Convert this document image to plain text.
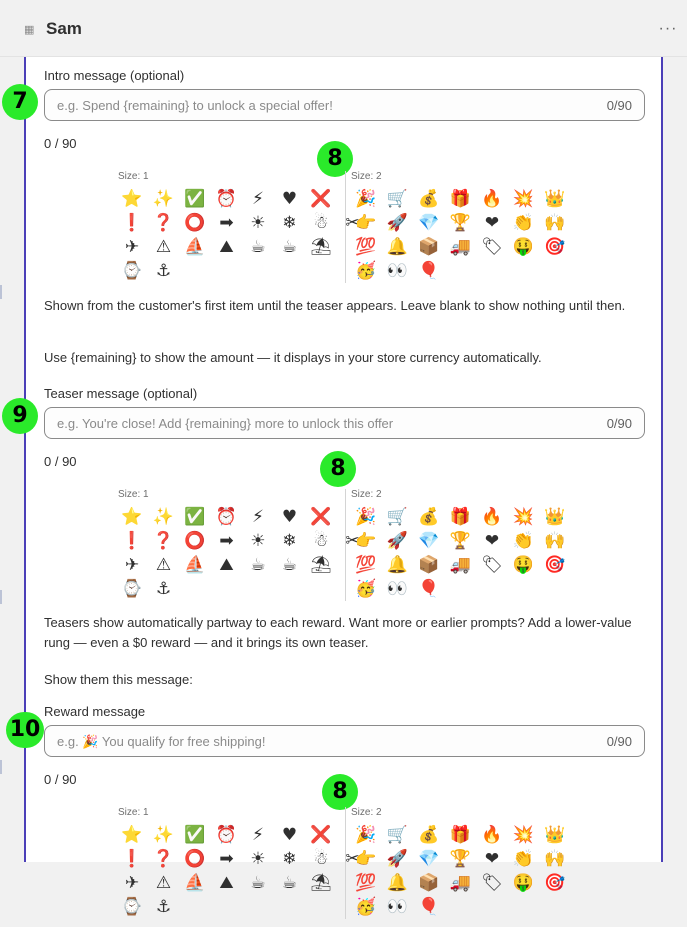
▦ Sam	···
Intro message (optional)
7	e.g. Spend {remaining} to unlock a special offer!	0/90
0 / 90
8
Size: 1	Size: 2
⭐ ✨ ✅ ⏰ ⚡	♥ ❌
❗ ❓ ⭕ ➡ ☀ ❄ ☃ ✂
✈ ⚠ ⛵ ⛰ ☕ ☕ ⛱
⌚ ⚓
🎉 🛒 💰 🎁 🔥 💥 👑
👉 🚀 💎 🏆 ❤ 👏 🙌
💯 🔔 📦 🚚 🏷 🤑 🎯
🥳 👀 🎈
Shown from the customer's first item until the teaser appears. Leave blank to show nothing until then.
Use {remaining} to show the amount — it displays in your store currency automatically.
Teaser message (optional)
9	e.g. You're close! Add {remaining} more to unlock this offer	0/90
0 / 90	8
Size: 1	Size: 2
⭐ ✨ ✅ ⏰ ⚡	♥ ❌
❗ ❓ ⭕ ➡ ☀ ❄ ☃ ✂
✈ ⚠ ⛵ ⛰ ☕ ☕ ⛱
⌚ ⚓
🎉 🛒 💰 🎁 🔥 💥 👑
👉 🚀 💎 🏆 ❤ 👏 🙌
💯 🔔 📦 🚚 🏷 🤑 🎯
🥳 👀 🎈
Teasers show automatically partway to each reward. Want more or earlier prompts? Add a lower-value rung — even a $0 reward — and it brings its own teaser.
Show them this message:
Reward message
10 e.g. 🎉 You qualify for free shipping!	0/90
0 / 90	8
Size: 1	Size: 2
⭐ ✨ ✅ ⏰ ⚡	♥ ❌
❗ ❓ ⭕ ➡ ☀ ❄ ☃ ✂
✈ ⚠ ⛵ ⛰ ☕ ☕ ⛱
⌚ ⚓
🎉 🛒 💰 🎁 🔥 💥 👑
👉 🚀 💎 🏆 ❤ 👏 🙌
💯 🔔 📦 🚚 🏷 🤑 🎯
🥳 👀 🎈
